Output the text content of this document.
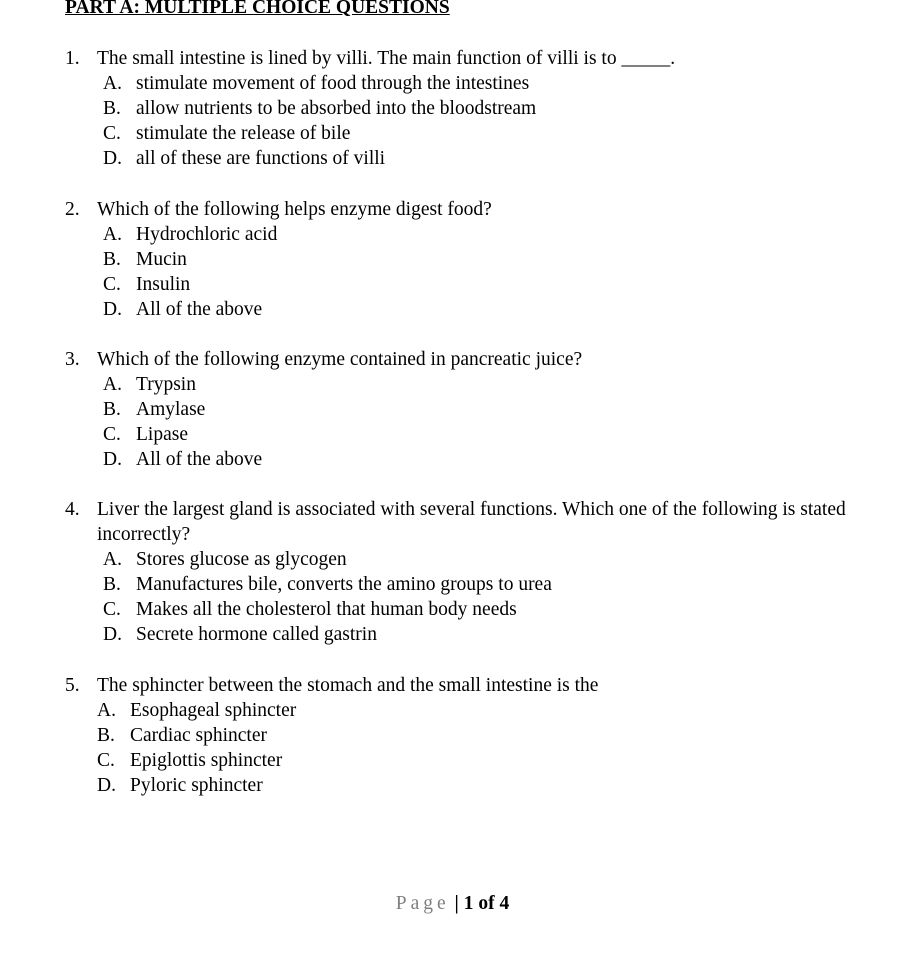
PART A: MULTIPLE CHOICE QUESTIONS
1. The small intestine is lined by villi. The main function of villi is to _____.
A. stimulate movement of food through the intestines
B. allow nutrients to be absorbed into the bloodstream
C. stimulate the release of bile
D. all of these are functions of villi
2. Which of the following helps enzyme digest food?
A. Hydrochloric acid
B. Mucin
C. Insulin
D. All of the above
3. Which of the following enzyme contained in pancreatic juice?
A. Trypsin
B. Amylase
C. Lipase
D. All of the above
4. Liver the largest gland is associated with several functions. Which one of the following is stated incorrectly?
A. Stores glucose as glycogen
B. Manufactures bile, converts the amino groups to urea
C. Makes all the cholesterol that human body needs
D. Secrete hormone called gastrin
5. The sphincter between the stomach and the small intestine is the
A. Esophageal sphincter
B. Cardiac sphincter
C. Epiglottis sphincter
D. Pyloric sphincter
Page | 1 of 4
